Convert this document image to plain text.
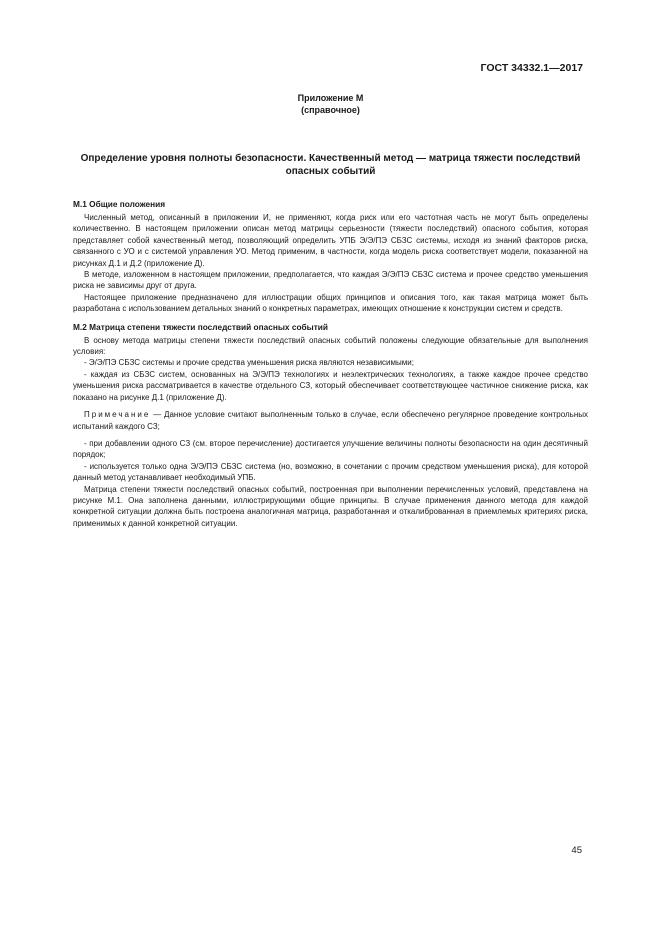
ГОСТ 34332.1—2017
Приложение М
(справочное)
Определение уровня полноты безопасности. Качественный метод — матрица тяжести последствий опасных событий
М.1 Общие положения

Численный метод, описанный в приложении И, не применяют, когда риск или его частотная часть не могут быть определены количественно. В настоящем приложении описан метод матрицы серьезности (тяжести последствий) опасного события, которая представляет собой качественный метод, позволяющий определить УПБ Э/Э/ПЭ СБЗС системы, исходя из знаний факторов риска, связанного с УО и с системой управления УО. Метод применим, в частности, когда модель риска соответствует модели, показанной на рисунках Д.1 и Д.2 (приложение Д).

В методе, изложенном в настоящем приложении, предполагается, что каждая Э/Э/ПЭ СБЗС система и прочее средство уменьшения риска не зависимы друг от друга.

Настоящее приложение предназначено для иллюстрации общих принципов и описания того, как такая матрица может быть разработана с использованием детальных знаний о конкретных параметрах, имеющих отношение к конструкции систем и средств.

М.2 Матрица степени тяжести последствий опасных событий

В основу метода матрицы степени тяжести последствий опасных событий положены следующие обязательные для выполнения условия:

- Э/Э/ПЭ СБЗС системы и прочие средства уменьшения риска являются независимыми;

- каждая из СБЗС систем, основанных на Э/Э/ПЭ технологиях и неэлектрических технологиях, а также каждое прочее средство уменьшения риска рассматривается в качестве отдельного СЗ, который обеспечивает соответствующее частичное снижение риска, как показано на рисунке Д.1 (приложение Д).

Примечание — Данное условие считают выполненным только в случае, если обеспечено регулярное проведение контрольных испытаний каждого СЗ;

- при добавлении одного СЗ (см. второе перечисление) достигается улучшение величины полноты безопасности на один десятичный порядок;

- используется только одна Э/Э/ПЭ СБЗС система (но, возможно, в сочетании с прочим средством уменьшения риска), для которой данный метод устанавливает необходимый УПБ.

Матрица степени тяжести последствий опасных событий, построенная при выполнении перечисленных условий, представлена на рисунке М.1. Она заполнена данными, иллюстрирующими общие принципы. В случае применения данного метода для каждой конкретной ситуации должна быть построена аналогичная матрица, разработанная и откалиброванная в приемлемых критериях риска, применимых к данной конкретной ситуации.

45
